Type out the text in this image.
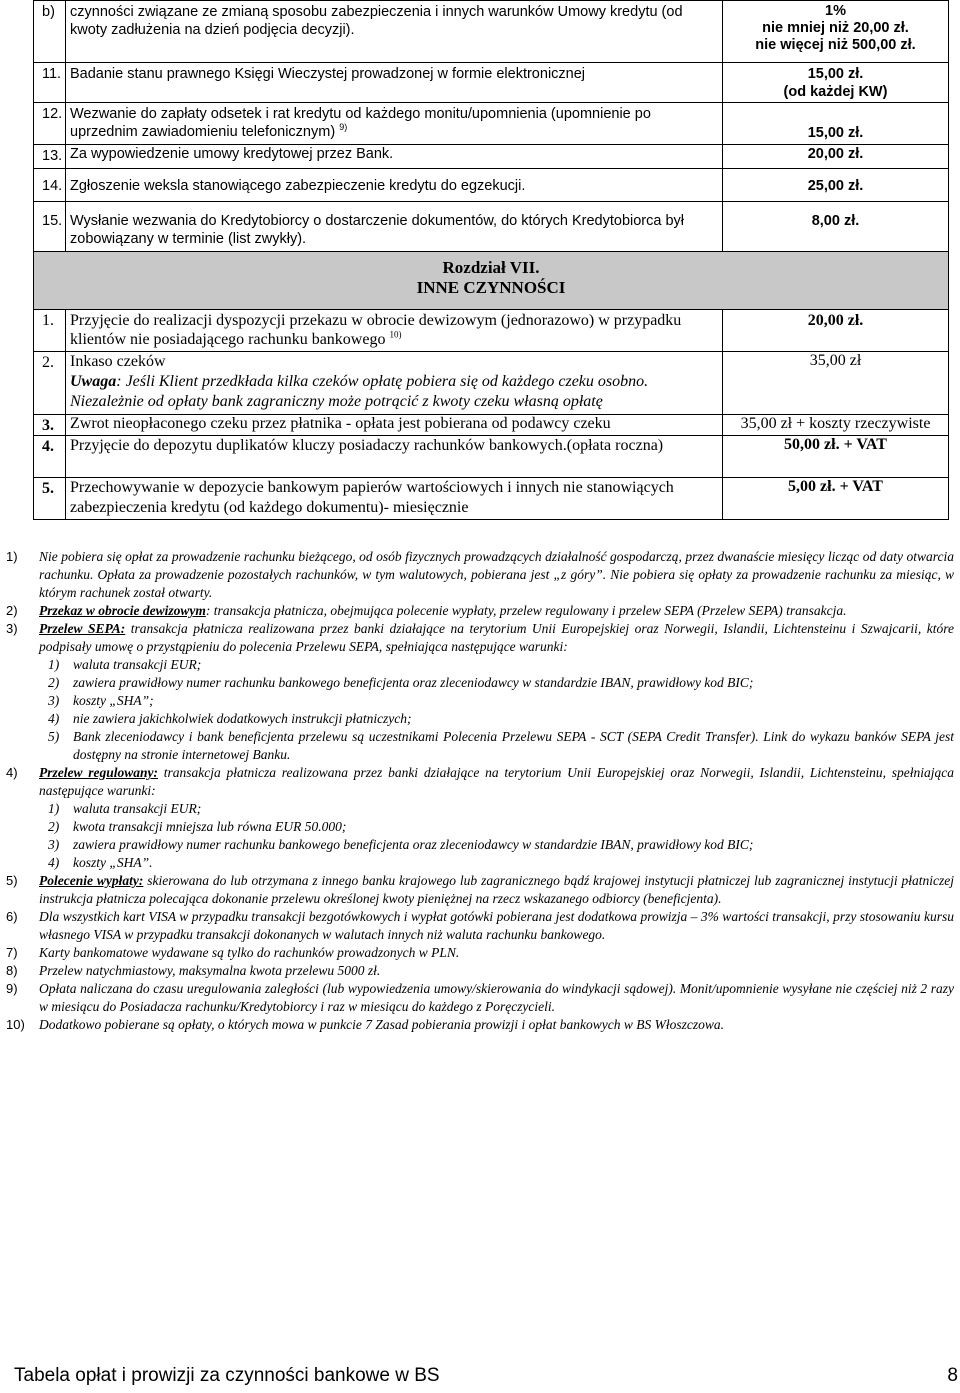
b)	czynności związane ze zmianą sposobu zabezpieczenia i innych warunków Umowy kredytu (od kwoty zadłużenia na dzień podjęcia decyzji).	1%
nie mniej niż 20,00 zł.
nie więcej niż 500,00 zł.

11.	Badanie stanu prawnego Księgi Wieczystej prowadzonej w formie elektronicznej	15,00 zł.
(od każdej KW)

12.	Wezwanie do zapłaty odsetek i rat kredytu od każdego monitu/upomnienia (upomnienie po uprzednim zawiadomieniu telefonicznym) $^{9)}$	15,00 zł.
13.	Za wypowiedzenie umowy kredytowej przez Bank.	20,00 zł.
14.	Zgłoszenie weksla stanowiącego zabezpieczenie kredytu do egzekucji.	25,00 zł.
15.	Wysłanie wezwania do Kredytobiorcy o dostarczenie dokumentów, do których Kredytobiorca był zobowiązany w terminie (list zwykły).	8,00 zł.

Rozdział VII.
INNE CZYNNOŚCI		

1.	Przyjęcie do realizacji dyspozycji przekazu w obrocie dewizowym (jednorazowo) w przypadku klientów nie posiadającego rachunku bankowego $^{10)}$	20,00 zł.
2.	Inkaso czeków
Uwaga: Jeśli Klient przedkłada kilka czeków opłatę pobiera się od każdego czeku osobno.
Niezależnie od opłaty bank zagraniczny może potrącić z kwoty czeku własną opłatę	35,00 zł
3.	Zwrot nieopłaconego czeku przez płatnika - opłata jest pobierana od podawcy czeku	35,00 zł + koszty rzeczywiste
4.	Przyjęcie do depozytu duplikatów kluczy posiadaczy rachunków bankowych.(opłata roczna)	50,00 zł. + VAT
5.	Przechowywanie w depozycie bankowym papierów wartościowych i innych nie stanowiących zabezpieczenia kredytu (od każdego dokumentu)- miesięcznie	5,00 zł. + VAT
1)	Nie pobiera się opłat za prowadzenie rachunku bieżącego, od osób fizycznych prowadzących działalność gospodarczą, przez dwanaście miesięcy licząc od daty otwarcia rachunku. Opłata za prowadzenie pozostałych rachunków, w tym walutowych, pobierana jest „z góry”. Nie pobiera się opłaty za prowadzenie rachunku za miesiąc, w którym rachunek został otwarty.
2)	Przekaz w obrocie dewizowym: transakcja płatnicza, obejmująca polecenie wypłaty, przelew regulowany i przelew SEPA (Przelew SEPA) transakcja.
3)	Przelew SEPA: transakcja płatnicza realizowana przez banki działające na terytorium Unii Europejskiej oraz Norwegii, Islandii, Lichtensteinu i Szwajcarii, które podpisały umowę o przystąpieniu do polecenia Przelewu SEPA, spełniająca następujące warunki:
1)	waluta transakcji EUR;
2)	zawiera prawidłowy numer rachunku bankowego beneficjenta oraz zleceniodawcy w standardzie IBAN, prawidłowy kod BIC;
3)	koszty „SHA”;
4)	nie zawiera jakichkolwiek dodatkowych instrukcji płatniczych;
5)	Bank zleceniodawcy i bank beneficjenta przelewu są uczestnikami Polecenia Przelewu SEPA - SCT (SEPA Credit Transfer). Link do wykazu banków SEPA jest dostępny na stronie internetowej Banku.
4)	Przelew regulowany: transakcja płatnicza realizowana przez banki działające na terytorium Unii Europejskiej oraz Norwegii, Islandii, Lichtensteinu, spełniająca następujące warunki:
1)	waluta transakcji EUR;
2)	kwota transakcji mniejsza lub równa EUR 50.000;
3)	zawiera prawidłowy numer rachunku bankowego beneficjenta oraz zleceniodawcy w standardzie IBAN, prawidłowy kod BIC;
4)	koszty „SHA”.
5)	Polecenie wypłaty: skierowana do lub otrzymana z innego banku krajowego lub zagranicznego bądź krajowej instytucji płatniczej lub zagranicznej instytucji płatniczej instrukcja płatnicza polecająca dokonanie przelewu określonej kwoty pieniężnej na rzecz wskazanego odbiorcy (beneficjenta).
6)	Dla wszystkich kart VISA w przypadku transakcji bezgotówkowych i wypłat gotówki pobierana jest dodatkowa prowizja – 3% wartości transakcji, przy stosowaniu kursu własnego VISA w przypadku transakcji dokonanych w walutach innych niż waluta rachunku bankowego.
7)	Karty bankomatowe wydawane są tylko do rachunków prowadzonych w PLN.
8)	Przelew natychmiastowy, maksymalna kwota przelewu 5000 zł.
9)	Opłata naliczana do czasu uregulowania zaległości (lub wypowiedzenia umowy/skierowania do windykacji sądowej). Monit/upomnienie wysyłane nie częściej niż 2 razy w miesiącu do Posiadacza rachunku/Kredytobiorcy i raz w miesiącu do każdego z Poręczycieli.
10)	Dodatkowo pobierane są opłaty, o których mowa w punkcie 7 Zasad pobierania prowizji i opłat bankowych w BS Włoszczowa.
Tabela opłat i prowizji za czynności bankowe w BS	8
